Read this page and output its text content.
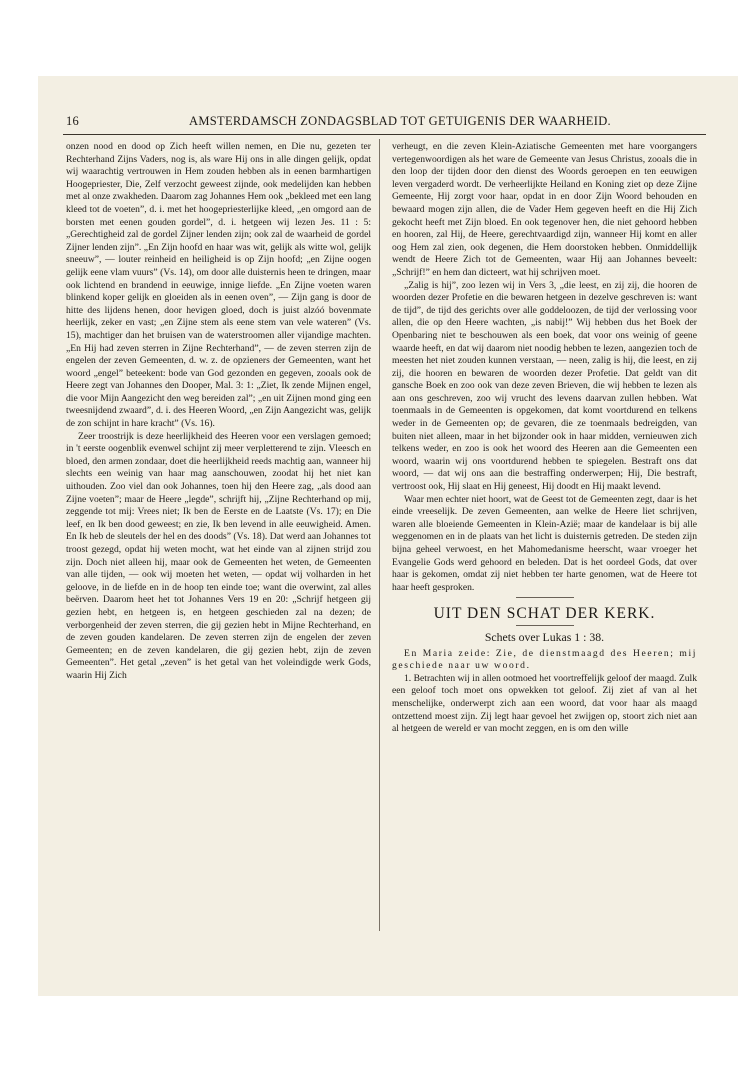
16	AMSTERDAMSCH ZONDAGSBLAD TOT GETUIGENIS DER WAARHEID.

onzen nood en dood op Zich heeft willen nemen, en Die nu, gezeten ter Rechterhand Zijns Vaders, nog is, als ware Hij ons in alle dingen gelijk, opdat wij waarachtig vertrouwen in Hem zouden hebben als in eenen barmhartigen Hoogepriester, Die, Zelf verzocht geweest zijnde, ook medelijden kan hebben met al onze zwakheden. Daarom zag Johannes Hem ook „bekleed met een lang kleed tot de voeten”, d. i. met het hoogepriesterlijke kleed, „en omgord aan de borsten met eenen gouden gordel”, d. i. hetgeen wij lezen Jes. 11 : 5: „Gerechtigheid zal de gordel Zijner lenden zijn; ook zal de waarheid de gordel Zijner lenden zijn”. „En Zijn hoofd en haar was wit, gelijk als witte wol, gelijk sneeuw”, — louter reinheid en heiligheid is op Zijn hoofd; „en Zijne oogen gelijk eene vlam vuurs” (Vs. 14), om door alle duisternis heen te dringen, maar ook lichtend en brandend in eeuwige, innige liefde. „En Zijne voeten waren blinkend koper gelijk en gloeiden als in eenen oven”, — Zijn gang is door de hitte des lijdens henen, door hevigen gloed, doch is juist alzóó bovenmate heerlijk, zeker en vast; „en Zijne stem als eene stem van vele wateren” (Vs. 15), machtiger dan het bruisen van de waterstroomen aller vijandige machten. „En Hij had zeven sterren in Zijne Rechterhand”, — de zeven sterren zijn de engelen der zeven Gemeenten, d. w. z. de opzieners der Gemeenten, want het woord „engel” beteekent: bode van God gezonden en gegeven, zooals ook de Heere zegt van Johannes den Dooper, Mal. 3: 1: „Ziet, Ik zende Mijnen engel, die voor Mijn Aangezicht den weg bereiden zal”; „en uit Zijnen mond ging een tweesnijdend zwaard”, d. i. des Heeren Woord, „en Zijn Aangezicht was, gelijk de zon schijnt in hare kracht” (Vs. 16).

Zeer troostrijk is deze heerlijkheid des Heeren voor een verslagen gemoed; in 't eerste oogenblik evenwel schijnt zij meer verpletterend te zijn. Vleesch en bloed, den armen zondaar, doet die heerlijkheid reeds machtig aan, wanneer hij slechts een weinig van haar mag aanschouwen, zoodat hij het niet kan uithouden. Zoo viel dan ook Johannes, toen hij den Heere zag, „als dood aan Zijne voeten”; maar de Heere „legde”, schrijft hij, „Zijne Rechterhand op mij, zeggende tot mij: Vrees niet; Ik ben de Eerste en de Laatste (Vs. 17); en Die leef, en Ik ben dood geweest; en zie, Ik ben levend in alle eeuwigheid. Amen. En Ik heb de sleutels der hel en des doods” (Vs. 18). Dat werd aan Johannes tot troost gezegd, opdat hij weten mocht, wat het einde van al zijnen strijd zou zijn. Doch niet alleen hij, maar ook de Gemeenten het weten, de Gemeenten van alle tijden, — ook wij moeten het weten, — opdat wij volharden in het geloove, in de liefde en in de hoop ten einde toe; want die overwint, zal alles beërven. Daarom heet het tot Johannes Vers 19 en 20: „Schrijf hetgeen gij gezien hebt, en hetgeen is, en hetgeen geschieden zal na dezen; de verborgenheid der zeven sterren, die gij gezien hebt in Mijne Rechterhand, en de zeven gouden kandelaren. De zeven sterren zijn de engelen der zeven Gemeenten; en de zeven kandelaren, die gij gezien hebt, zijn de zeven Gemeenten”. Het getal „zeven” is het getal van het voleindigde werk Gods, waarin Hij Zich

verheugt, en die zeven Klein-Aziatische Gemeenten met hare voorgangers vertegenwoordigen als het ware de Gemeente van Jesus Christus, zooals die in den loop der tijden door den dienst des Woords geroepen en ten eeuwigen leven vergaderd wordt. De verheerlijkte Heiland en Koning ziet op deze Zijne Gemeente, Hij zorgt voor haar, opdat in en door Zijn Woord behouden en bewaard mogen zijn allen, die de Vader Hem gegeven heeft en die Hij Zich gekocht heeft met Zijn bloed. En ook tegenover hen, die niet gehoord hebben en hooren, zal Hij, de Heere, gerechtvaardigd zijn, wanneer Hij komt en aller oog Hem zal zien, ook degenen, die Hem doorstoken hebben. Onmiddellijk wendt de Heere Zich tot de Gemeenten, waar Hij aan Johannes beveelt: „Schrijf!” en hem dan dicteert, wat hij schrijven moet.

„Zalig is hij”, zoo lezen wij in Vers 3, „die leest, en zij zij, die hooren de woorden dezer Profetie en die bewaren hetgeen in dezelve geschreven is: want de tijd”, de tijd des gerichts over alle goddeloozen, de tijd der verlossing voor allen, die op den Heere wachten, „is nabij!” Wij hebben dus het Boek der Openbaring niet te beschouwen als een boek, dat voor ons weinig of geene waarde heeft, en dat wij daarom niet noodig hebben te lezen, aangezien toch de meesten het niet zouden kunnen verstaan, — neen, zalig is hij, die leest, en zij zij, die hooren en bewaren de woorden dezer Profetie. Dat geldt van dit gansche Boek en zoo ook van deze zeven Brieven, die wij hebben te lezen als aan ons geschreven, zoo wij vrucht des levens daarvan zullen hebben. Wat toenmaals in de Gemeenten is opgekomen, dat komt voortdurend en telkens weder in de Gemeenten op; de gevaren, die ze toenmaals bedreigden, van buiten niet alleen, maar in het bijzonder ook in haar midden, vernieuwen zich telkens weder, en zoo is ook het woord des Heeren aan die Gemeenten een woord, waarin wij ons voortdurend hebben te spiegelen. Bestraft ons dat woord, — dat wij ons aan die bestraffing onderwerpen; Hij, Die bestraft, vertroost ook, Hij slaat en Hij geneest, Hij doodt en Hij maakt levend.

Waar men echter niet hoort, wat de Geest tot de Gemeenten zegt, daar is het einde vreeselijk. De zeven Gemeenten, aan welke de Heere liet schrijven, waren alle bloeiende Gemeenten in Klein-Azië; maar de kandelaar is bij alle weggenomen en in de plaats van het licht is duisternis getreden. De steden zijn bijna geheel verwoest, en het Mahomedanisme heerscht, waar vroeger het Evangelie Gods werd gehoord en beleden. Dat is het oordeel Gods, dat over haar is gekomen, omdat zij niet hebben ter harte genomen, wat de Heere tot haar heeft gesproken.

UIT DEN SCHAT DER KERK.
Schets over Lukas 1 : 38.

En Maria zeide: Zie, de dienstmaagd des Heeren; mij geschiede naar uw woord.

1. Betrachten wij in allen ootmoed het voortreffelijk geloof der maagd. Zulk een geloof toch moet ons opwekken tot geloof. Zij ziet af van al het menschelijke, onderwerpt zich aan een woord, dat voor haar als maagd ontzettend moest zijn. Zij legt haar gevoel het zwijgen op, stoort zich niet aan al hetgeen de wereld er van mocht zeggen, en is om den wille
